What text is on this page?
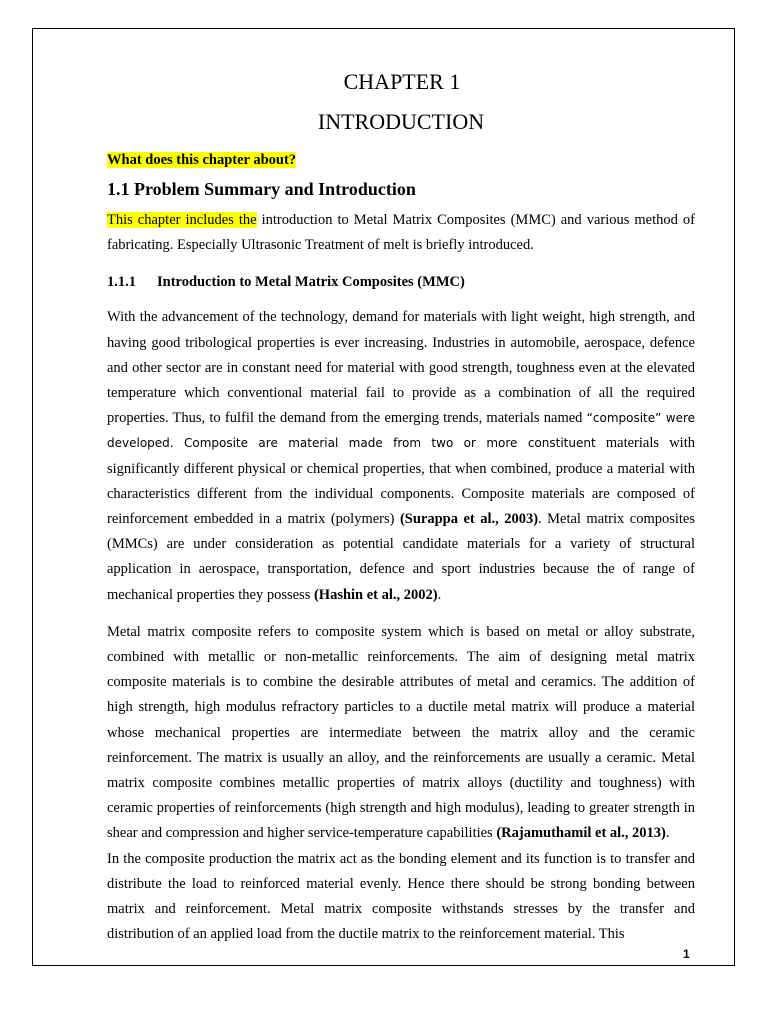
CHAPTER 1
INTRODUCTION
What does this chapter about?
1.1 Problem Summary and Introduction

This chapter includes the introduction to Metal Matrix Composites (MMC) and various method of fabricating. Especially Ultrasonic Treatment of melt is briefly introduced.

1.1.1 Introduction to Metal Matrix Composites (MMC)

With the advancement of the technology, demand for materials with light weight, high strength, and having good tribological properties is ever increasing. Industries in automobile, aerospace, defence and other sector are in constant need for material with good strength, toughness even at the elevated temperature which conventional material fail to provide as a combination of all the required properties. Thus, to fulfil the demand from the emerging trends, materials named “composite” were developed. Composite are material made from two or more constituent materials with significantly different physical or chemical properties, that when combined, produce a material with characteristics different from the individual components. Composite materials are composed of reinforcement embedded in a matrix (polymers) (Surappa et al., 2003). Metal matrix composites (MMCs) are under consideration as potential candidate materials for a variety of structural application in aerospace, transportation, defence and sport industries because the of range of mechanical properties they possess (Hashin et al., 2002).

Metal matrix composite refers to composite system which is based on metal or alloy substrate, combined with metallic or non-metallic reinforcements. The aim of designing metal matrix composite materials is to combine the desirable attributes of metal and ceramics. The addition of high strength, high modulus refractory particles to a ductile metal matrix will produce a material whose mechanical properties are intermediate between the matrix alloy and the ceramic reinforcement. The matrix is usually an alloy, and the reinforcements are usually a ceramic. Metal matrix composite combines metallic properties of matrix alloys (ductility and toughness) with ceramic properties of reinforcements (high strength and high modulus), leading to greater strength in shear and compression and higher service-temperature capabilities (Rajamuthamil et al., 2013).

In the composite production the matrix act as the bonding element and its function is to transfer and distribute the load to reinforced material evenly. Hence there should be strong bonding between matrix and reinforcement. Metal matrix composite withstands stresses by the transfer and distribution of an applied load from the ductile matrix to the reinforcement material. This

1
